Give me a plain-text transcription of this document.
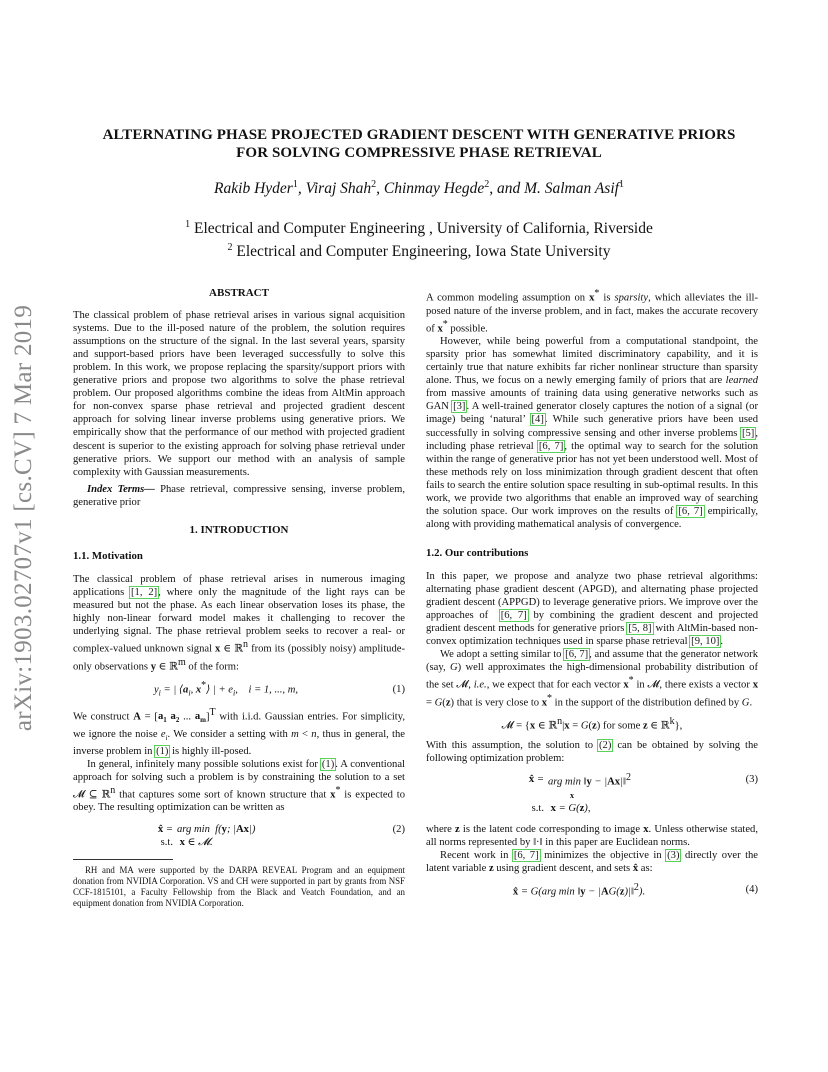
arXiv:1903.02707v1 [cs.CV] 7 Mar 2019
ALTERNATING PHASE PROJECTED GRADIENT DESCENT WITH GENERATIVE PRIORS
FOR SOLVING COMPRESSIVE PHASE RETRIEVAL
Rakib Hyder$^1$, Viraj Shah$^2$, Chinmay Hegde$^2$, and M. Salman Asif$^1$
$^1$ Electrical and Computer Engineering , University of California, Riverside
$^2$ Electrical and Computer Engineering, Iowa State University

ABSTRACT

The classical problem of phase retrieval arises in various signal acquisition systems. Due to the ill-posed nature of the problem, the solution requires assumptions on the structure of the signal. In the last several years, sparsity and support-based priors have been leveraged successfully to solve this problem. In this work, we propose replacing the sparsity/support priors with generative priors and propose two algorithms to solve the phase retrieval problem. Our proposed algorithms combine the ideas from AltMin approach for non-convex sparse phase retrieval and projected gradient descent approach for solving linear inverse problems using generative priors. We empirically show that the performance of our method with projected gradient descent is superior to the existing approach for solving phase retrieval under generative priors. We support our method with an analysis of sample complexity with Gaussian measurements.

Index Terms— Phase retrieval, compressive sensing, inverse problem, generative prior

1. INTRODUCTION

1.1. Motivation

The classical problem of phase retrieval arises in numerous imaging applications [1, 2], where only the magnitude of the light rays can be measured but not the phase. As each linear observation loses its phase, the highly non-linear forward model makes it challenging to recover the underlying signal. The phase retrieval problem seeks to recover a real- or complex-valued unknown signal x ∈ ℝ$^n$ from its (possibly noisy) amplitude-only observations y ∈ ℝ$^m$ of the form:

$y_i$ = | $⟨a_i$, x*⟩ | + $e_i$,    i = 1, ..., m,	(1)

We construct $A = [a_1$ $a_2$ ... $a_m]^T$ with i.i.d. Gaussian entries. For simplicity, we ignore the noise $e_i$. We consider a setting with m < n, thus in general, the inverse problem in (1) is highly ill-posed.

In general, infinitely many possible solutions exist for (1). A conventional approach for solving such a problem is by constraining the solution to a set 𝓜 ⊆ ℝ$^n$ that captures some sort of known structure that x* is expected to obey. The resulting optimization can be written as

x̂ = arg min  f(y; |Ax|)	(2)
s.t. x ∈ 𝓜.

RH and MA were supported by the DARPA REVEAL Program and an equipment donation from NVIDIA Corporation. VS and CH were supported in part by grants from NSF CCF-1815101, a Faculty Fellowship from the Black and Veatch Foundation, and an equipment donation from NVIDIA Corporation.

A common modeling assumption on x* is sparsity, which alleviates the ill-posed nature of the inverse problem, and in fact, makes the accurate recovery of x* possible.

However, while being powerful from a computational standpoint, the sparsity prior has somewhat limited discriminatory capability, and it is certainly true that nature exhibits far richer nonlinear structure than sparsity alone. Thus, we focus on a newly emerging family of priors that are learned from massive amounts of training data using generative networks such as GAN [3]. A well-trained generator closely captures the notion of a signal (or image) being ‘natural’ [4]. While such generative priors have been used successfully in solving compressive sensing and other inverse problems [5], including phase retrieval [6, 7], the optimal way to search for the solution within the range of generative prior has not yet been understood well. Most of these methods rely on loss minimization through gradient descent that often fails to search the entire solution space resulting in sub-optimal results. In this work, we provide two algorithms that enable an improved way of searching the solution space. Our work improves on the results of [6, 7] empirically, along with providing mathematical analysis of convergence.

1.2. Our contributions

In this paper, we propose and analyze two phase retrieval algorithms: alternating phase gradient descent (APGD), and alternating phase projected gradient descent (APPGD) to leverage generative priors. We improve over the approaches of  [6, 7] by combining the gradient descent and projected gradient descent methods for generative priors [5, 8] with AltMin-based non-convex optimization techniques used in sparse phase retrieval [9, 10].

We adopt a setting similar to [6, 7], and assume that the generator network (say, G) well approximates the high-dimensional probability distribution of the set 𝓜, i.e., we expect that for each vector x* in 𝓜, there exists a vector x = G(z) that is very close to x* in the support of the distribution defined by G.

𝓜 = {x ∈ ℝ$^n$|x = G(z) for some z ∈ ℝ$^k$},

With this assumption, the solution to (2) can be obtained by solving the following optimization problem:

x̂ = arg min ‖y − |Ax|‖$^2$	(3)
x
s.t. x = G(z),

where z is the latent code corresponding to image x. Unless otherwise stated, all norms represented by ‖·‖ in this paper are Euclidean norms.

Recent work in [6, 7] minimizes the objective in (3) directly over the latent variable z using gradient descent, and sets x̂ as:

x̂ = G(arg min ‖y − |AG(z)|‖$^2$).	(4)
